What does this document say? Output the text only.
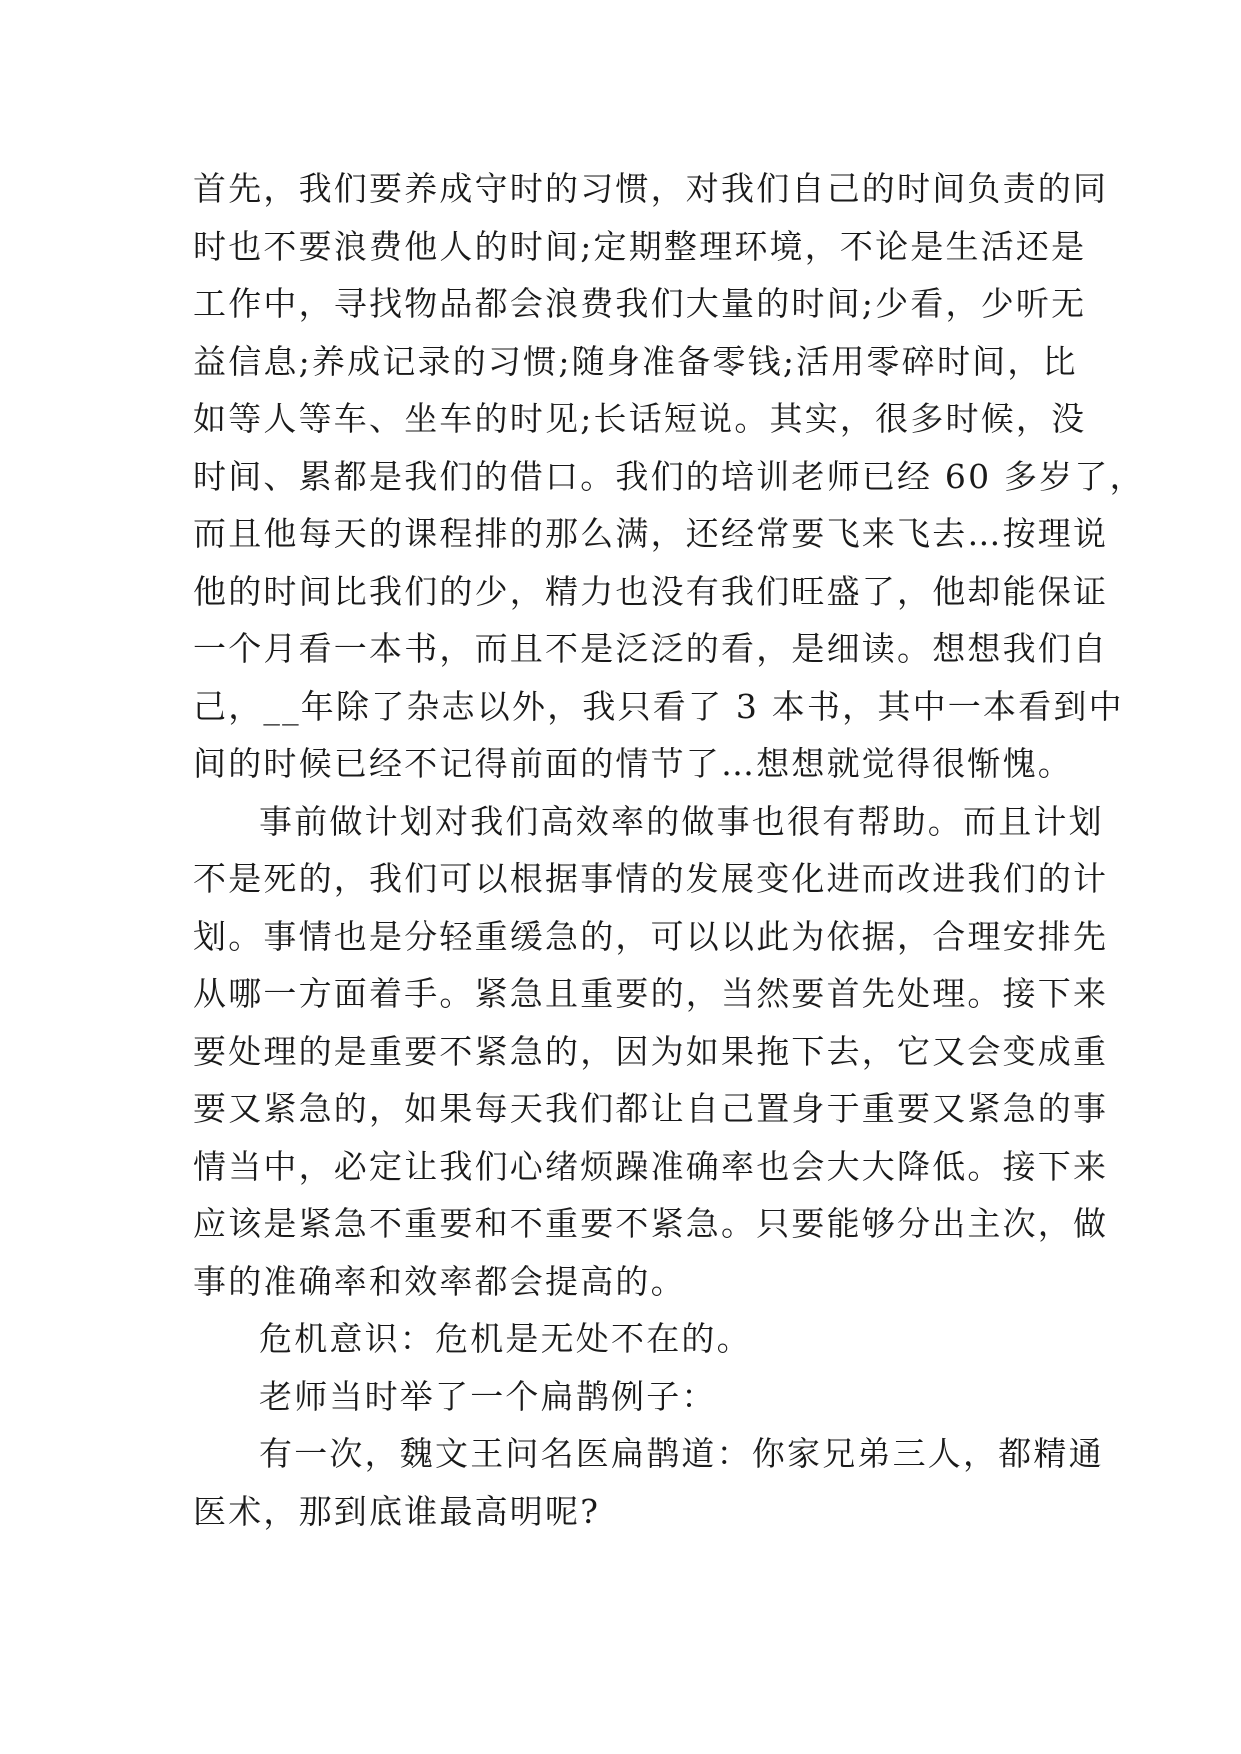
首先，我们要养成守时的习惯，对我们自己的时间负责的同
时也不要浪费他人的时间;定期整理环境，不论是生活还是
工作中，寻找物品都会浪费我们大量的时间;少看，少听无
益信息;养成记录的习惯;随身准备零钱;活用零碎时间，比
如等人等车、坐车的时见;长话短说。其实，很多时候，没
时间、累都是我们的借口。我们的培训老师已经 60 多岁了，
而且他每天的课程排的那么满，还经常要飞来飞去…按理说
他的时间比我们的少，精力也没有我们旺盛了，他却能保证
一个月看一本书，而且不是泛泛的看，是细读。想想我们自
己，__年除了杂志以外，我只看了 3 本书，其中一本看到中
间的时候已经不记得前面的情节了…想想就觉得很惭愧。
事前做计划对我们高效率的做事也很有帮助。而且计划
不是死的，我们可以根据事情的发展变化进而改进我们的计
划。事情也是分轻重缓急的，可以以此为依据，合理安排先
从哪一方面着手。紧急且重要的，当然要首先处理。接下来
要处理的是重要不紧急的，因为如果拖下去，它又会变成重
要又紧急的，如果每天我们都让自己置身于重要又紧急的事
情当中，必定让我们心绪烦躁准确率也会大大降低。接下来
应该是紧急不重要和不重要不紧急。只要能够分出主次，做
事的准确率和效率都会提高的。
危机意识：危机是无处不在的。
老师当时举了一个扁鹊例子：
有一次，魏文王问名医扁鹊道：你家兄弟三人，都精通
医术，那到底谁最高明呢?
